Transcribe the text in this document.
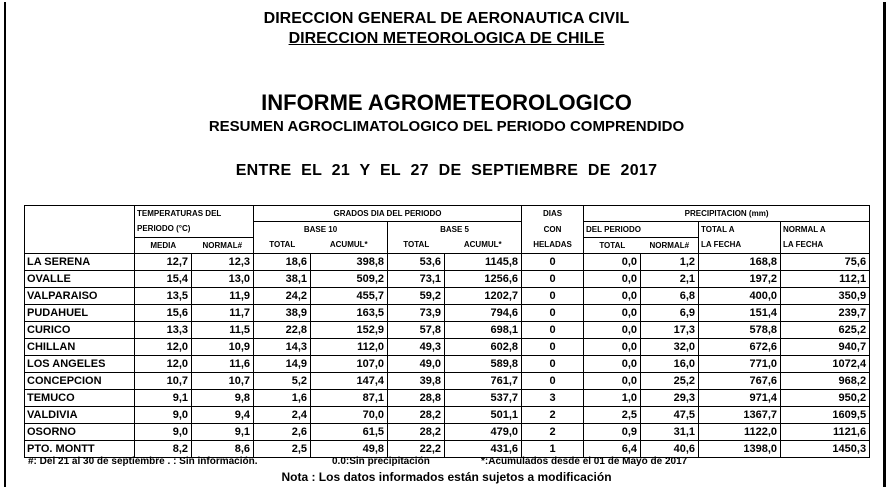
DIRECCION GENERAL DE AERONAUTICA CIVIL
DIRECCION METEOROLOGICA DE CHILE
INFORME AGROMETEOROLOGICO
RESUMEN AGROCLIMATOLOGICO DEL PERIODO COMPRENDIDO
ENTRE EL 21 Y EL 27 DE SEPTIEMBRE DE 2017
	TEMPERATURAS DEL		GRADOS DIA DEL PERIODO				DIAS	PRECIPITACION (mm)			
	PERIODO (°C)		BASE 10		BASE 5		CON	DEL PERIODO		TOTAL A	NORMAL A
	MEDIA	NORMAL#	TOTAL	ACUMUL*	TOTAL	ACUMUL*	HELADAS	TOTAL	NORMAL#	LA FECHA	LA FECHA
LA SERENA	12,7	12,3	18,6	398,8	53,6	1145,8	0	0,0	1,2	168,8	75,6
OVALLE	15,4	13,0	38,1	509,2	73,1	1256,6	0	0,0	2,1	197,2	112,1
VALPARAISO	13,5	11,9	24,2	455,7	59,2	1202,7	0	0,0	6,8	400,0	350,9
PUDAHUEL	15,6	11,7	38,9	163,5	73,9	794,6	0	0,0	6,9	151,4	239,7
CURICO	13,3	11,5	22,8	152,9	57,8	698,1	0	0,0	17,3	578,8	625,2
CHILLAN	12,0	10,9	14,3	112,0	49,3	602,8	0	0,0	32,0	672,6	940,7
LOS ANGELES	12,0	11,6	14,9	107,0	49,0	589,8	0	0,0	16,0	771,0	1072,4
CONCEPCION	10,7	10,7	5,2	147,4	39,8	761,7	0	0,0	25,2	767,6	968,2
TEMUCO	9,1	9,8	1,6	87,1	28,8	537,7	3	1,0	29,3	971,4	950,2
VALDIVIA	9,0	9,4	2,4	70,0	28,2	501,1	2	2,5	47,5	1367,7	1609,5
OSORNO	9,0	9,1	2,6	61,5	28,2	479,0	2	0,9	31,1	1122,0	1121,6
PTO. MONTT	8,2	8,6	2,5	49,8	22,2	431,6	1	6,4	40,6	1398,0	1450,3
#: Del 21 al 30 de septiembre . : Sin información.	0.0:Sin precipitación	*:Acumulados desde el 01 de Mayo de 2017
Nota : Los datos informados están sujetos a modificación
